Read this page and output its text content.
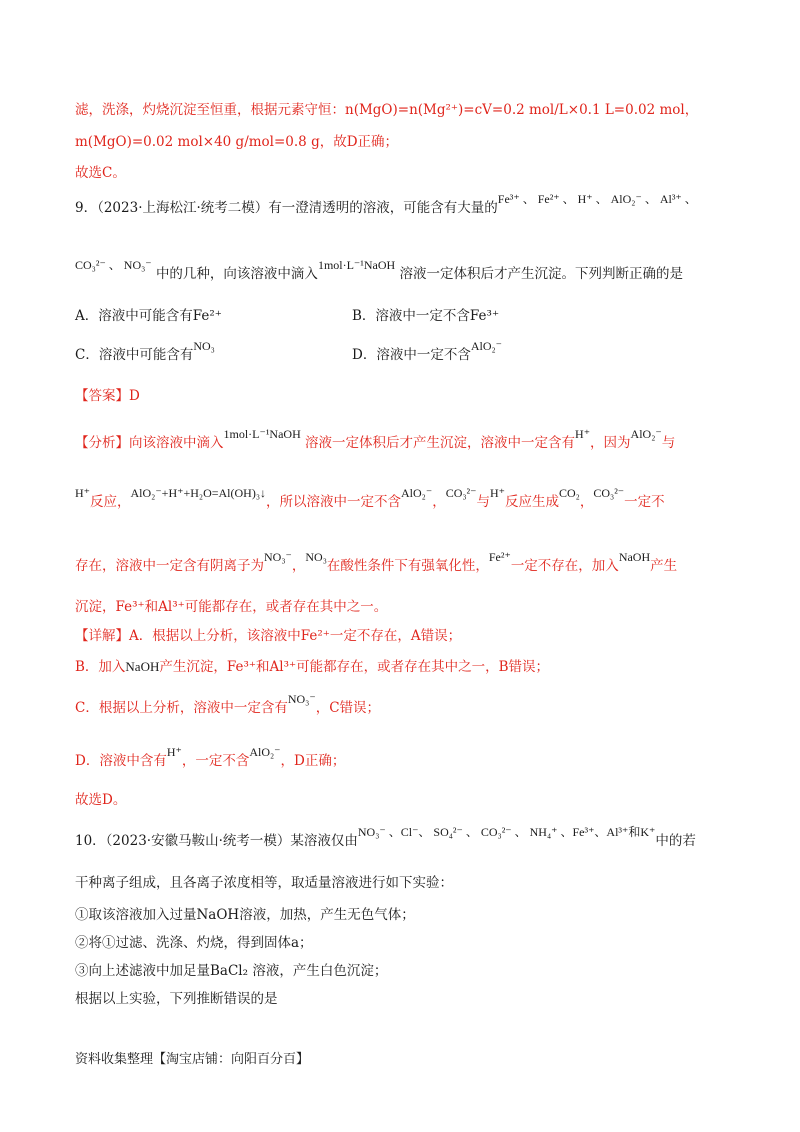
滤，洗涤，灼烧沉淀至恒重，根据元素守恒：n(MgO)=n(Mg²⁺)=cV=0.2 mol/L×0.1 L=0.02 mol，
m(MgO)=0.02 mol×40 g/mol=0.8 g，故D正确；
故选C。
9．（2023·上海松江·统考二模）有一澄清透明的溶液，可能含有大量的Fe³⁺ 、 Fe²⁺ 、 H⁺ 、 AlO₂⁻ 、 Al³⁺ 、
CO₃²⁻ 、 NO₃⁻ 中的几种，向该溶液中滴入1mol·L⁻¹NaOH 溶液一定体积后才产生沉淀。下列判断正确的是
A．溶液中可能含有Fe²⁺	B．溶液中一定不含Fe³⁺
C．溶液中可能含有NO₃
D．溶液中一定不含AlO₂⁻
【答案】D
【分析】向该溶液中滴入1mol·L⁻¹NaOH 溶液一定体积后才产生沉淀，溶液中一定含有H⁺，因为AlO₂⁻与
H⁺反应，AlO₂⁻+H⁺+H₂O=Al(OH)₃↓，所以溶液中一定不含AlO₂⁻，CO₃²⁻与H⁺反应生成CO₂，CO₃²⁻一定不
存在，溶液中一定含有阴离子为NO₃⁻，NO₃在酸性条件下有强氧化性，Fe²⁺一定不存在，加入NaOH产生
沉淀，Fe³⁺和Al³⁺可能都存在，或者存在其中之一。
【详解】A．根据以上分析，该溶液中Fe²⁺一定不存在，A错误；
B．加入NaOH产生沉淀，Fe³⁺和Al³⁺可能都存在，或者存在其中之一，B错误；
C．根据以上分析，溶液中一定含有NO₃⁻，C错误；
D．溶液中含有H⁺，一定不含AlO₂⁻，D正确；
故选D。
10．（2023·安徽马鞍山·统考一模）某溶液仅由NO₃⁻ 、Cl⁻、 SO₄²⁻ 、 CO₃²⁻ 、 NH₄⁺ 、Fe³⁺、Al³⁺和K⁺中的若
干种离子组成，且各离子浓度相等，取适量溶液进行如下实验：
①取该溶液加入过量NaOH溶液，加热，产生无色气体；
②将①过滤、洗涤、灼烧，得到固体a；
③向上述滤液中加足量BaCl₂ 溶液，产生白色沉淀；
根据以上实验，下列推断错误的是
资料收集整理【淘宝店铺：向阳百分百】
